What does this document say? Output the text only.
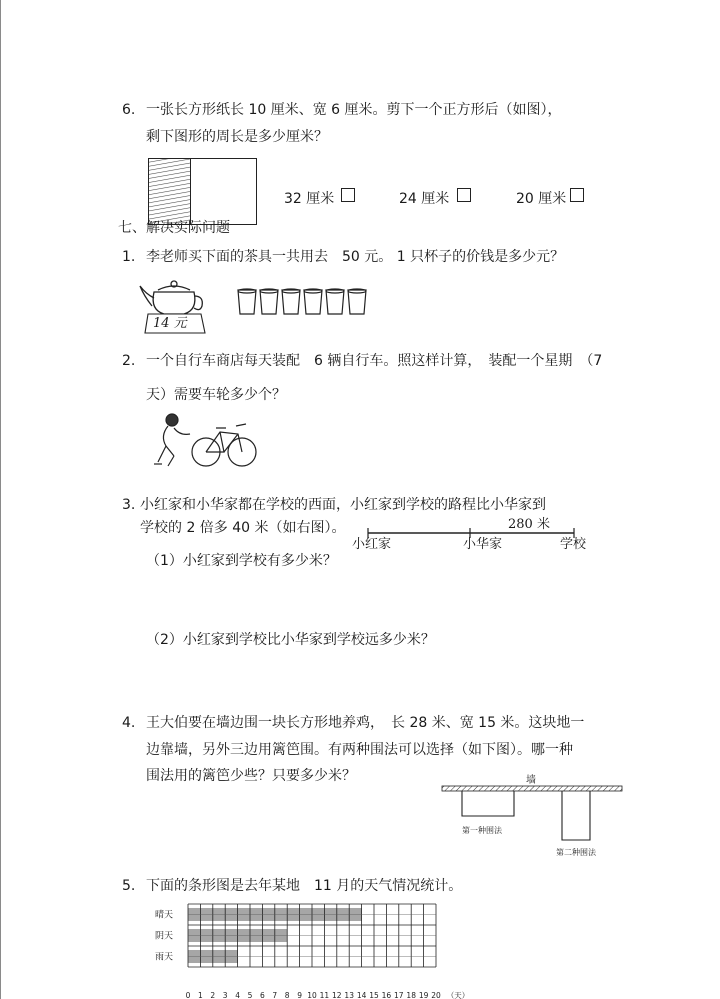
6. 一张长方形纸长 10 厘米、宽 6 厘米。剪下一个正方形后（如图），
剩下图形的周长是多少厘米？
32 厘米	24 厘米	20 厘米
七、解决实际问题
1. 李老师买下面的茶具一共用去　50 元。 1 只杯子的价钱是多少元？
14 元
2. 一个自行车商店每天装配　6 辆自行车。照这样计算，　装配一个星期　（7
天）需要车轮多少个？
3. 小红家和小华家都在学校的西面，小红家到学校的路程比小华家到
学校的 2 倍多 40 米（如右图）。	280 米
小红家	小华家	学校
（1）小红家到学校有多少米？
（2）小红家到学校比小华家到学校远多少米？
4. 王大伯要在墙边围一块长方形地养鸡，　长 28 米、宽 15 米。这块地一
边靠墙，另外三边用篱笆围。有两种围法可以选择（如下图）。哪一种
围法用的篱笆少些？只要多少米？	墙
第一种围法
第二种围法
5. 下面的条形图是去年某地　11 月的天气情况统计。
晴天
阴天
雨天
0 1 2 3 4 5 6 7 8 9 10 11 12 13 14 15 16 17 18 19 20 （天）
